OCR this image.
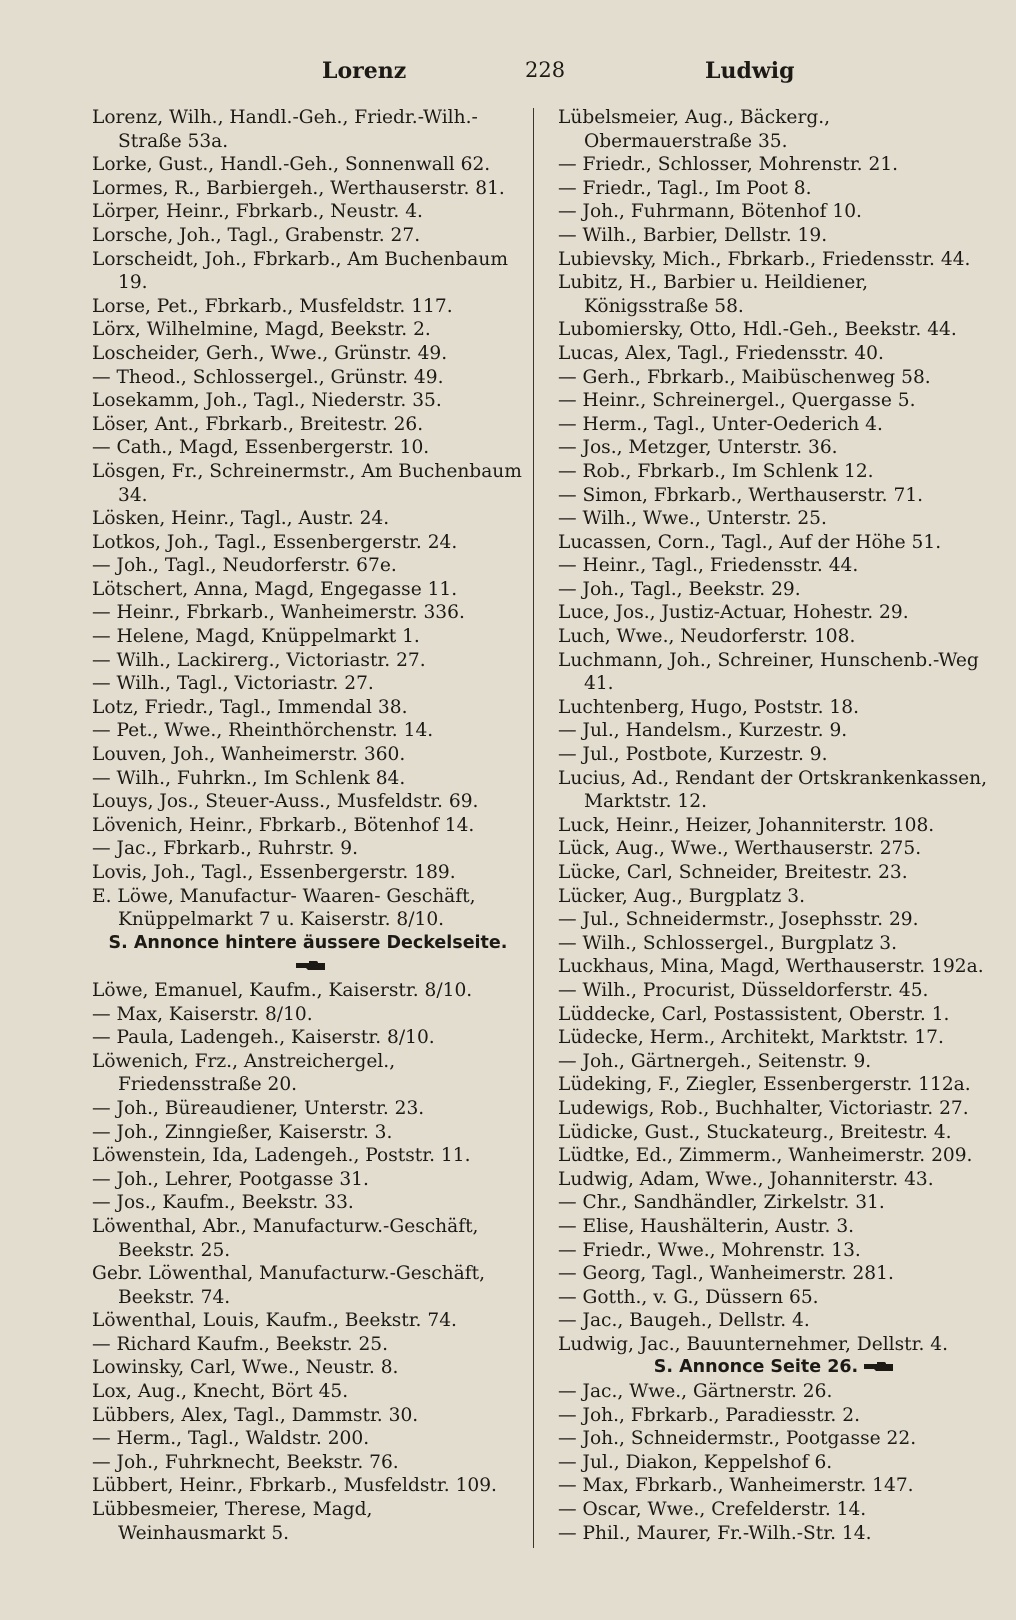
Lorenz	228	Ludwig

Lorenz, Wilh., Handl.-Geh., Friedr.-Wilh.-Straße 53a.

Lorke, Gust., Handl.-Geh., Sonnenwall 62.

Lormes, R., Barbiergeh., Werthauserstr. 81.

Lörper, Heinr., Fbrkarb., Neustr. 4.

Lorsche, Joh., Tagl., Grabenstr. 27.

Lorscheidt, Joh., Fbrkarb., Am Buchenbaum 19.

Lorse, Pet., Fbrkarb., Musfeldstr. 117.

Lörx, Wilhelmine, Magd, Beekstr. 2.

Loscheider, Gerh., Wwe., Grünstr. 49.

— Theod., Schlossergel., Grünstr. 49.

Losekamm, Joh., Tagl., Niederstr. 35.

Löser, Ant., Fbrkarb., Breitestr. 26.

— Cath., Magd, Essenbergerstr. 10.

Lösgen, Fr., Schreinermstr., Am Buchenbaum 34.

Lösken, Heinr., Tagl., Austr. 24.

Lotkos, Joh., Tagl., Essenbergerstr. 24.

— Joh., Tagl., Neudorferstr. 67e.

Lötschert, Anna, Magd, Engegasse 11.

— Heinr., Fbrkarb., Wanheimerstr. 336.

— Helene, Magd, Knüppelmarkt 1.

— Wilh., Lackirerg., Victoriastr. 27.

— Wilh., Tagl., Victoriastr. 27.

Lotz, Friedr., Tagl., Immendal 38.

— Pet., Wwe., Rheinthörchenstr. 14.

Louven, Joh., Wanheimerstr. 360.

— Wilh., Fuhrkn., Im Schlenk 84.

Louys, Jos., Steuer-Auss., Musfeldstr. 69.

Lövenich, Heinr., Fbrkarb., Bötenhof 14.

— Jac., Fbrkarb., Ruhrstr. 9.

Lovis, Joh., Tagl., Essenbergerstr. 189.

E. Löwe, Manufactur- Waaren- Geschäft, Knüppelmarkt 7 u. Kaiserstr. 8/10.

S. Annonce hintere äussere Deckelseite.

Löwe, Emanuel, Kaufm., Kaiserstr. 8/10.

— Max, Kaiserstr. 8/10.

— Paula, Ladengeh., Kaiserstr. 8/10.

Löwenich, Frz., Anstreichergel., Friedensstraße 20.

— Joh., Büreaudiener, Unterstr. 23.

— Joh., Zinngießer, Kaiserstr. 3.

Löwenstein, Ida, Ladengeh., Poststr. 11.

— Joh., Lehrer, Pootgasse 31.

— Jos., Kaufm., Beekstr. 33.

Löwenthal, Abr., Manufacturw.-Geschäft, Beekstr. 25.

Gebr. Löwenthal, Manufacturw.-Geschäft, Beekstr. 74.

Löwenthal, Louis, Kaufm., Beekstr. 74.

— Richard Kaufm., Beekstr. 25.

Lowinsky, Carl, Wwe., Neustr. 8.

Lox, Aug., Knecht, Bört 45.

Lübbers, Alex, Tagl., Dammstr. 30.

— Herm., Tagl., Waldstr. 200.

— Joh., Fuhrknecht, Beekstr. 76.

Lübbert, Heinr., Fbrkarb., Musfeldstr. 109.

Lübbesmeier, Therese, Magd, Weinhausmarkt 5.

Lübelsmeier, Aug., Bäckerg., Obermauerstraße 35.

— Friedr., Schlosser, Mohrenstr. 21.

— Friedr., Tagl., Im Poot 8.

— Joh., Fuhrmann, Bötenhof 10.

— Wilh., Barbier, Dellstr. 19.

Lubievsky, Mich., Fbrkarb., Friedensstr. 44.

Lubitz, H., Barbier u. Heildiener, Königsstraße 58.

Lubomiersky, Otto, Hdl.-Geh., Beekstr. 44.

Lucas, Alex, Tagl., Friedensstr. 40.

— Gerh., Fbrkarb., Maibüschenweg 58.

— Heinr., Schreinergel., Quergasse 5.

— Herm., Tagl., Unter-Oederich 4.

— Jos., Metzger, Unterstr. 36.

— Rob., Fbrkarb., Im Schlenk 12.

— Simon, Fbrkarb., Werthauserstr. 71.

— Wilh., Wwe., Unterstr. 25.

Lucassen, Corn., Tagl., Auf der Höhe 51.

— Heinr., Tagl., Friedensstr. 44.

— Joh., Tagl., Beekstr. 29.

Luce, Jos., Justiz-Actuar, Hohestr. 29.

Luch, Wwe., Neudorferstr. 108.

Luchmann, Joh., Schreiner, Hunschenb.-Weg 41.

Luchtenberg, Hugo, Poststr. 18.

— Jul., Handelsm., Kurzestr. 9.

— Jul., Postbote, Kurzestr. 9.

Lucius, Ad., Rendant der Ortskrankenkassen, Marktstr. 12.

Luck, Heinr., Heizer, Johanniterstr. 108.

Lück, Aug., Wwe., Werthauserstr. 275.

Lücke, Carl, Schneider, Breitestr. 23.

Lücker, Aug., Burgplatz 3.

— Jul., Schneidermstr., Josephsstr. 29.

— Wilh., Schlossergel., Burgplatz 3.

Luckhaus, Mina, Magd, Werthauserstr. 192a.

— Wilh., Procurist, Düsseldorferstr. 45.

Lüddecke, Carl, Postassistent, Oberstr. 1.

Lüdecke, Herm., Architekt, Marktstr. 17.

— Joh., Gärtnergeh., Seitenstr. 9.

Lüdeking, F., Ziegler, Essenbergerstr. 112a.

Ludewigs, Rob., Buchhalter, Victoriastr. 27.

Lüdicke, Gust., Stuckateurg., Breitestr. 4.

Lüdtke, Ed., Zimmerm., Wanheimerstr. 209.

Ludwig, Adam, Wwe., Johanniterstr. 43.

— Chr., Sandhändler, Zirkelstr. 31.

— Elise, Haushälterin, Austr. 3.

— Friedr., Wwe., Mohrenstr. 13.

— Georg, Tagl., Wanheimerstr. 281.

— Gotth., v. G., Düssern 65.

— Jac., Baugeh., Dellstr. 4.

Ludwig, Jac., Bauunternehmer, Dellstr. 4.

S. Annonce Seite 26.

— Jac., Wwe., Gärtnerstr. 26.

— Joh., Fbrkarb., Paradiesstr. 2.

— Joh., Schneidermstr., Pootgasse 22.

— Jul., Diakon, Keppelshof 6.

— Max, Fbrkarb., Wanheimerstr. 147.

— Oscar, Wwe., Crefelderstr. 14.

— Phil., Maurer, Fr.-Wilh.-Str. 14.
